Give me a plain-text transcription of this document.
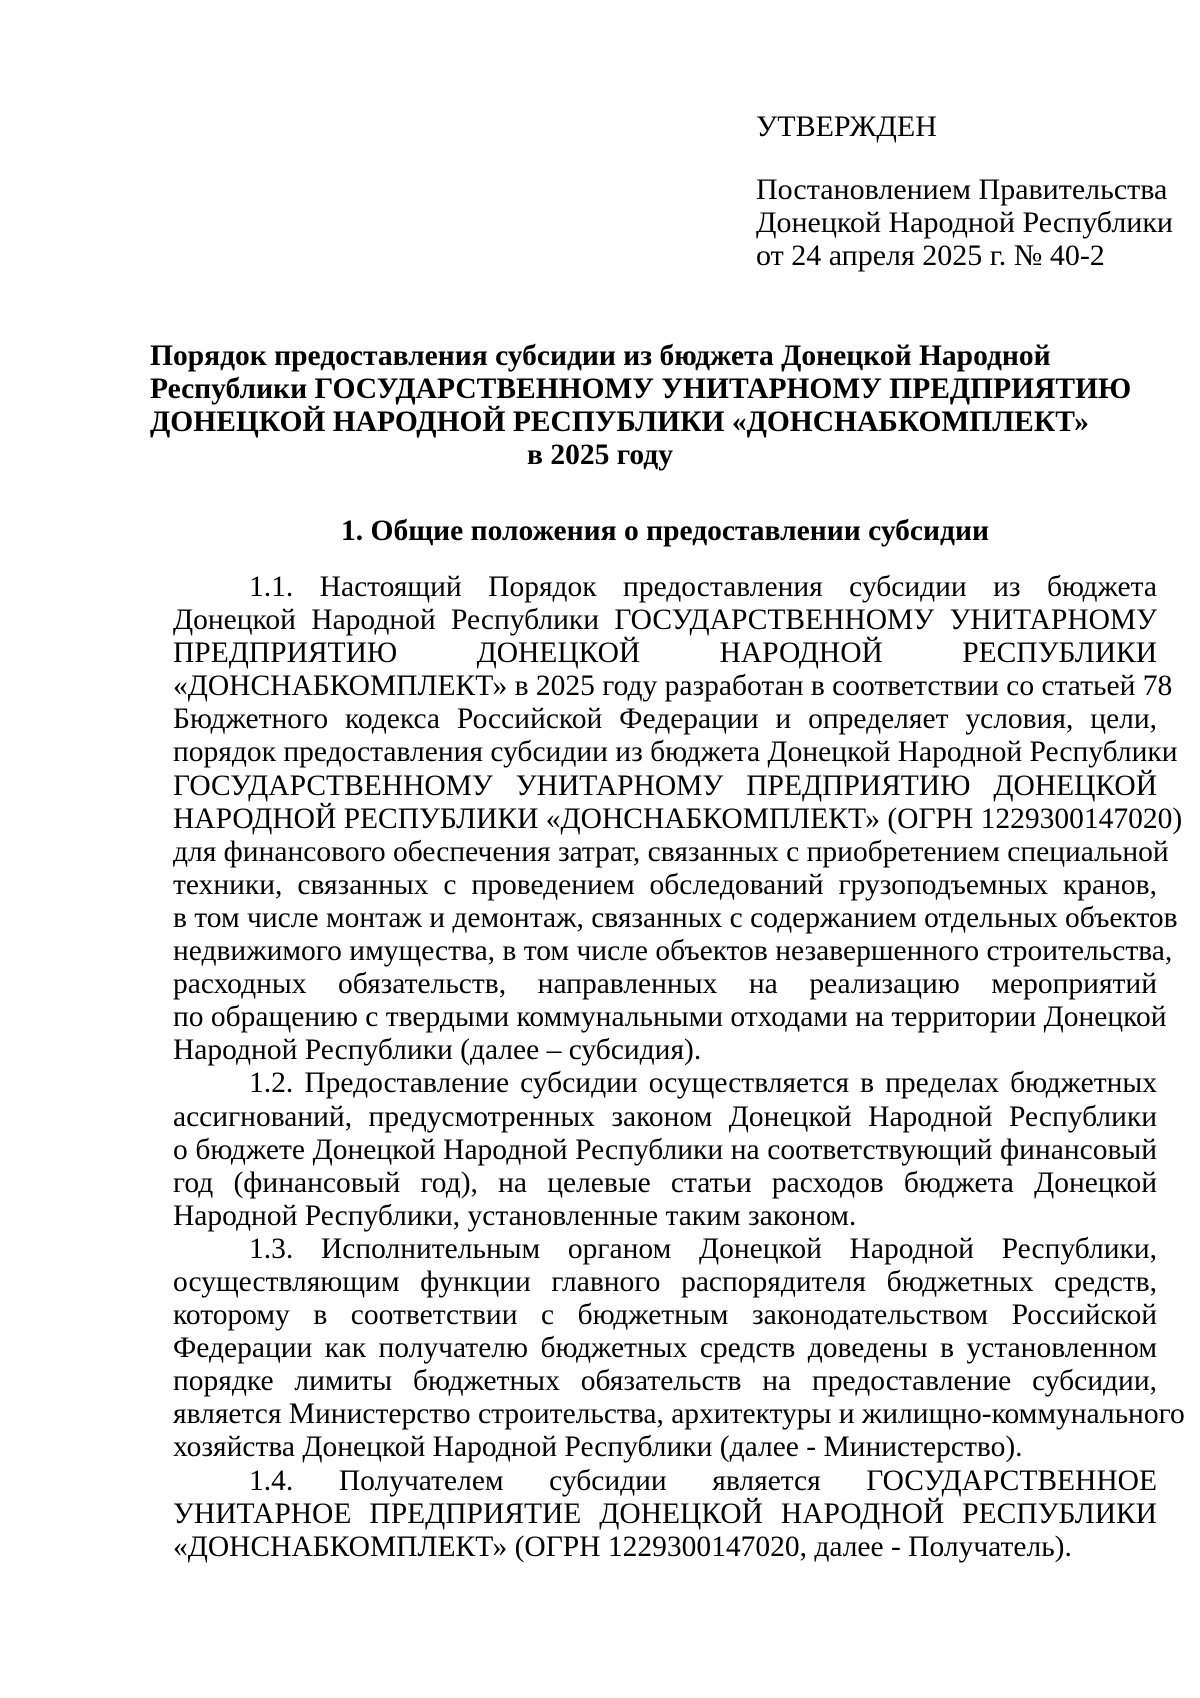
УТВЕРЖДЕН
Постановлением Правительства
Донецкой Народной Республики
от 24 апреля 2025 г. № 40-2
Порядок предоставления субсидии из бюджета Донецкой Народной
Республики ГОСУДАРСТВЕННОМУ УНИТАРНОМУ ПРЕДПРИЯТИЮ
ДОНЕЦКОЙ НАРОДНОЙ РЕСПУБЛИКИ «ДОНСНАБКОМПЛЕКТ»
в 2025 году
1. Общие положения о предоставлении субсидии
1.1. Настоящий Порядок предоставления субсидии из бюджета
Донецкой Народной Республики ГОСУДАРСТВЕННОМУ УНИТАРНОМУ
ПРЕДПРИЯТИЮ ДОНЕЦКОЙ НАРОДНОЙ РЕСПУБЛИКИ
«ДОНСНАБКОМПЛЕКТ» в 2025 году разработан в соответствии со статьей 78
Бюджетного кодекса Российской Федерации и определяет условия, цели,
порядок предоставления субсидии из бюджета Донецкой Народной Республики
ГОСУДАРСТВЕННОМУ УНИТАРНОМУ ПРЕДПРИЯТИЮ ДОНЕЦКОЙ
НАРОДНОЙ РЕСПУБЛИКИ «ДОНСНАБКОМПЛЕКТ» (ОГРН 1229300147020)
для финансового обеспечения затрат, связанных с приобретением специальной
техники, связанных с проведением обследований грузоподъемных кранов,
в том числе монтаж и демонтаж, связанных с содержанием отдельных объектов
недвижимого имущества, в том числе объектов незавершенного строительства,
расходных обязательств, направленных на реализацию мероприятий
по обращению с твердыми коммунальными отходами на территории Донецкой
Народной Республики (далее – субсидия).
1.2. Предоставление субсидии осуществляется в пределах бюджетных
ассигнований, предусмотренных законом Донецкой Народной Республики
о бюджете Донецкой Народной Республики на соответствующий финансовый
год (финансовый год), на целевые статьи расходов бюджета Донецкой
Народной Республики, установленные таким законом.
1.3. Исполнительным органом Донецкой Народной Республики,
осуществляющим функции главного распорядителя бюджетных средств,
которому в соответствии с бюджетным законодательством Российской
Федерации как получателю бюджетных средств доведены в установленном
порядке лимиты бюджетных обязательств на предоставление субсидии,
является Министерство строительства, архитектуры и жилищно-коммунального
хозяйства Донецкой Народной Республики (далее - Министерство).
1.4. Получателем субсидии является ГОСУДАРСТВЕННОЕ
УНИТАРНОЕ ПРЕДПРИЯТИЕ ДОНЕЦКОЙ НАРОДНОЙ РЕСПУБЛИКИ
«ДОНСНАБКОМПЛЕКТ» (ОГРН 1229300147020, далее - Получатель).
